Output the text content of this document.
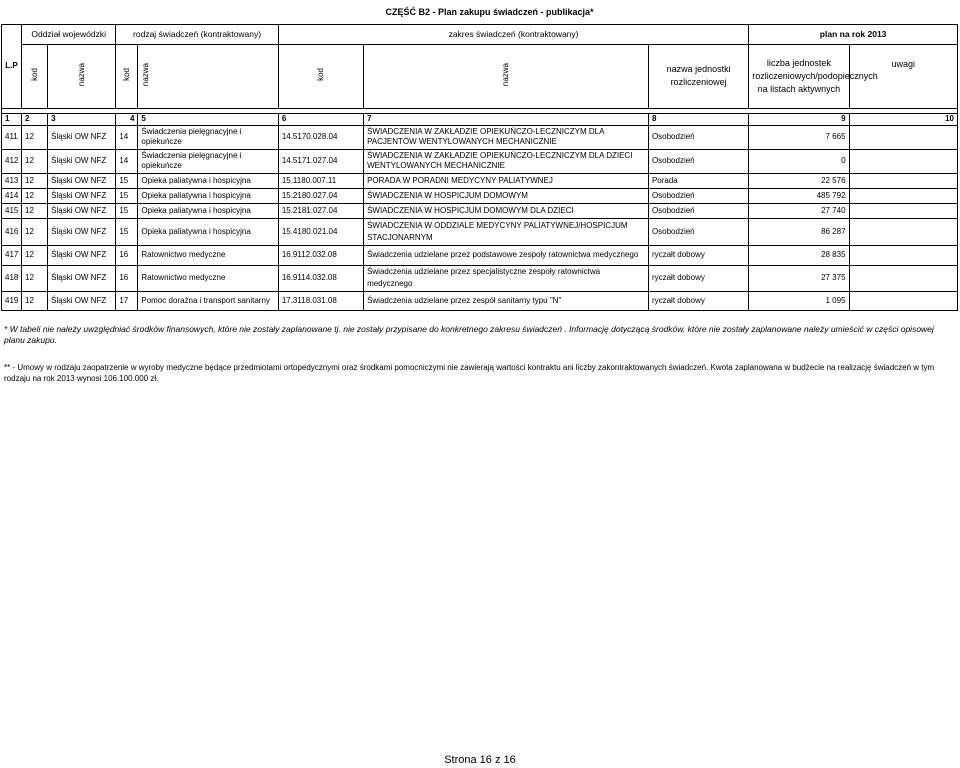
	CZĘŚĆ B2 - Plan zakupu świadczeń - publikacja*								
L.P	Oddział wojewódzki		rodzaj świadczeń (kontraktowany)		zakres świadczeń (kontraktowany)			plan na rok 2013	
	kod	nazwa	kod	nazwa	kod	nazwa	nazwa jednostki rozliczeniowej	liczba jednostek rozliczeniowych/podopiecznych na listach aktywnych	uwagi

1	2	3	4	5	6	7	8	9	10
411	12	Śląski OW NFZ	14	Świadczenia pielęgnacyjne i opiekuńcze	14.5170.028.04	ŚWIADCZENIA W ZAKŁADZIE OPIEKUŃCZO-LECZNICZYM DLA PACJENTÓW WENTYLOWANYCH MECHANICZNIE	Osobodzień	7 665	
412	12	Śląski OW NFZ	14	Świadczenia pielęgnacyjne i opiekuńcze	14.5171.027.04	ŚWIADCZENIA W ZAKŁADZIE OPIEKUŃCZO-LECZNICZYM DLA DZIECI WENTYLOWANYCH MECHANICZNIE	Osobodzień	0	
413	12	Śląski OW NFZ	15	Opieka paliatywna i hospicyjna	15.1180.007.11	PORADA W PORADNI MEDYCYNY PALIATYWNEJ	Porada	22 576	
414	12	Śląski OW NFZ	15	Opieka paliatywna i hospicyjna	15.2180.027.04	ŚWIADCZENIA W HOSPICJUM DOMOWYM	Osobodzień	485 792	
415	12	Śląski OW NFZ	15	Opieka paliatywna i hospicyjna	15.2181.027.04	ŚWIADCZENIA W HOSPICJUM DOMOWYM DLA DZIECI	Osobodzień	27 740	
416	12	Śląski OW NFZ	15	Opieka paliatywna i hospicyjna	15.4180.021.04	ŚWIADCZENIA W ODDZIALE MEDYCYNY PALIATYWNEJ/HOSPICJUM STACJONARNYM	Osobodzień	86 287	
417	12	Śląski OW NFZ	16	Ratownictwo medyczne	16.9112.032.08	Świadczenia udzielane przez podstawowe zespoły ratownictwa medycznego	ryczałt dobowy	28 835	
418	12	Śląski OW NFZ	16	Ratownictwo medyczne	16.9114.032.08	Świadczenia udzielane przez specjalistyczne zespoły ratownictwa medycznego	ryczałt dobowy	27 375	
419	12	Śląski OW NFZ	17	Pomoc doraźna i transport sanitarny	17.3118.031.08	Świadczenia udzielane przez zespół sanitarny typu "N"	ryczałt dobowy	1 095	
* W tabeli nie należy uwzględniać środków finansowych, które nie zostały zaplanowane tj. nie zostały przypisane do konkretnego zakresu świadczeń . Informację dotyczącą środków, które nie zostały zaplanowane należy umieścić w części opisowej planu zakupu.
** - Umowy w rodzaju zaopatrzenie w wyroby medyczne będące przedmiotami ortopedycznymi oraz środkami pomocniczymi nie zawierają wartości kontraktu ani liczby zakontraktowanych świadczeń. Kwota zaplanowana w budżecie na realizację świadczeń w tym rodzaju na rok 2013 wynosi 106.100.000 zł.
Strona 16 z 16
